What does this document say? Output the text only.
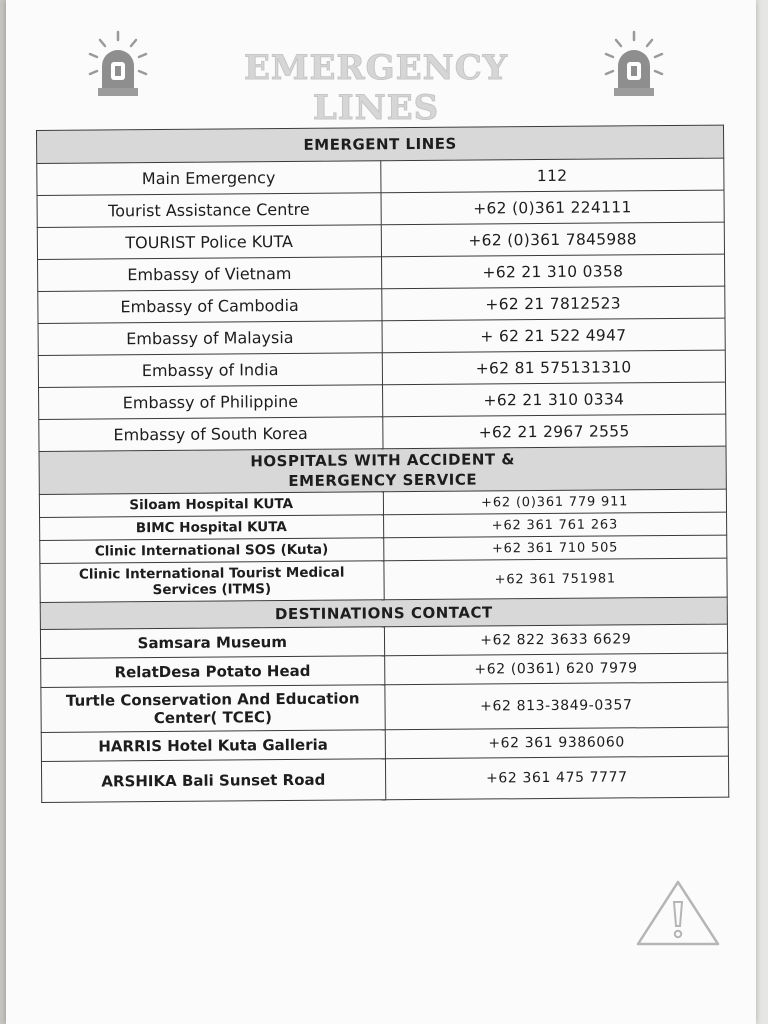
EMERGENCY LINES
EMERGENT LINES	
Main Emergency	112
Tourist Assistance Centre	+62 (0)361 224111
TOURIST Police KUTA	+62 (0)361 7845988
Embassy of Vietnam	+62 21 310 0358
Embassy of Cambodia	+62 21 7812523
Embassy of Malaysia	+ 62 21 522 4947
Embassy of India	+62 81 575131310
Embassy of Philippine	+62 21 310 0334
Embassy of South Korea	+62 21 2967 2555
HOSPITALS WITH ACCIDENT & EMERGENCY SERVICE	
Siloam Hospital KUTA	+62 (0)361 779 911
BIMC Hospital KUTA	+62 361 761 263
Clinic International SOS (Kuta)	+62 361 710 505
Clinic International Tourist Medical Services (ITMS)	+62 361 751981
DESTINATIONS CONTACT	
Samsara Museum	+62 822 3633 6629
RelatDesa Potato Head	+62 (0361) 620 7979
Turtle Conservation And Education Center( TCEC)	+62 813-3849-0357
HARRIS Hotel Kuta Galleria	+62 361 9386060
ARSHIKA Bali Sunset Road	+62 361 475 7777
